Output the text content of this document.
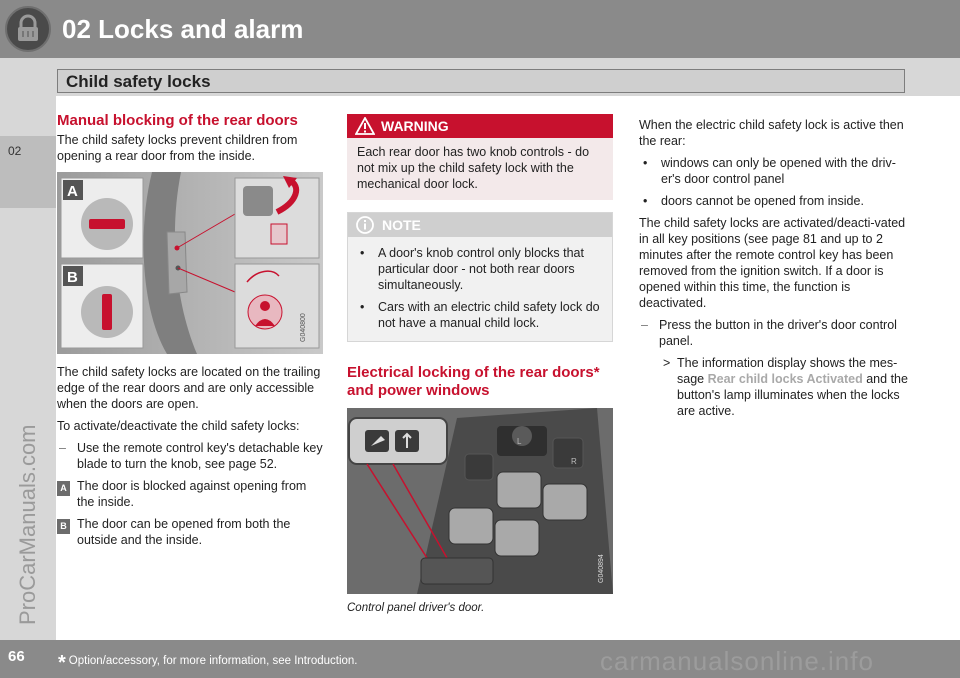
02 Locks and alarm
Child safety locks
02
ProCarManuals.com
Manual blocking of the rear doors

The child safety locks prevent children from opening a rear door from the inside.

A
B
G040800

The child safety locks are located on the trailing edge of the rear doors and are only accessible when the doors are open.

To activate/deactivate the child safety locks:

– Use the remote control key's detachable key blade to turn the knob, see page 52.
A The door is blocked against opening from the inside.
B The door can be opened from both the outside and the inside.
WARNING
Each rear door has two knob controls - do not mix up the child safety lock with the mechanical door lock.
NOTE
• A door's knob control only blocks that particular door - not both rear doors simultaneously.
• Cars with an electric child safety lock do not have a manual child lock.
Electrical locking of the rear doors* and power windows
L
R
G040894
Control panel driver's door.

When the electric child safety lock is active then the rear:

• windows can only be opened with the driv-er's door control panel
• doors cannot be opened from inside.

The child safety locks are activated/deacti-vated in all key positions (see page 81 and up to 2 minutes after the remote control key has been removed from the ignition switch. If a door is opened within this time, the function is deactivated.

– Press the button in the driver's door control panel.
> The information display shows the mes-sage Rear child locks Activated and the button's lamp illuminates when the locks are active.
66 * Option/accessory, for more information, see Introduction.	carmanualsonline.info
